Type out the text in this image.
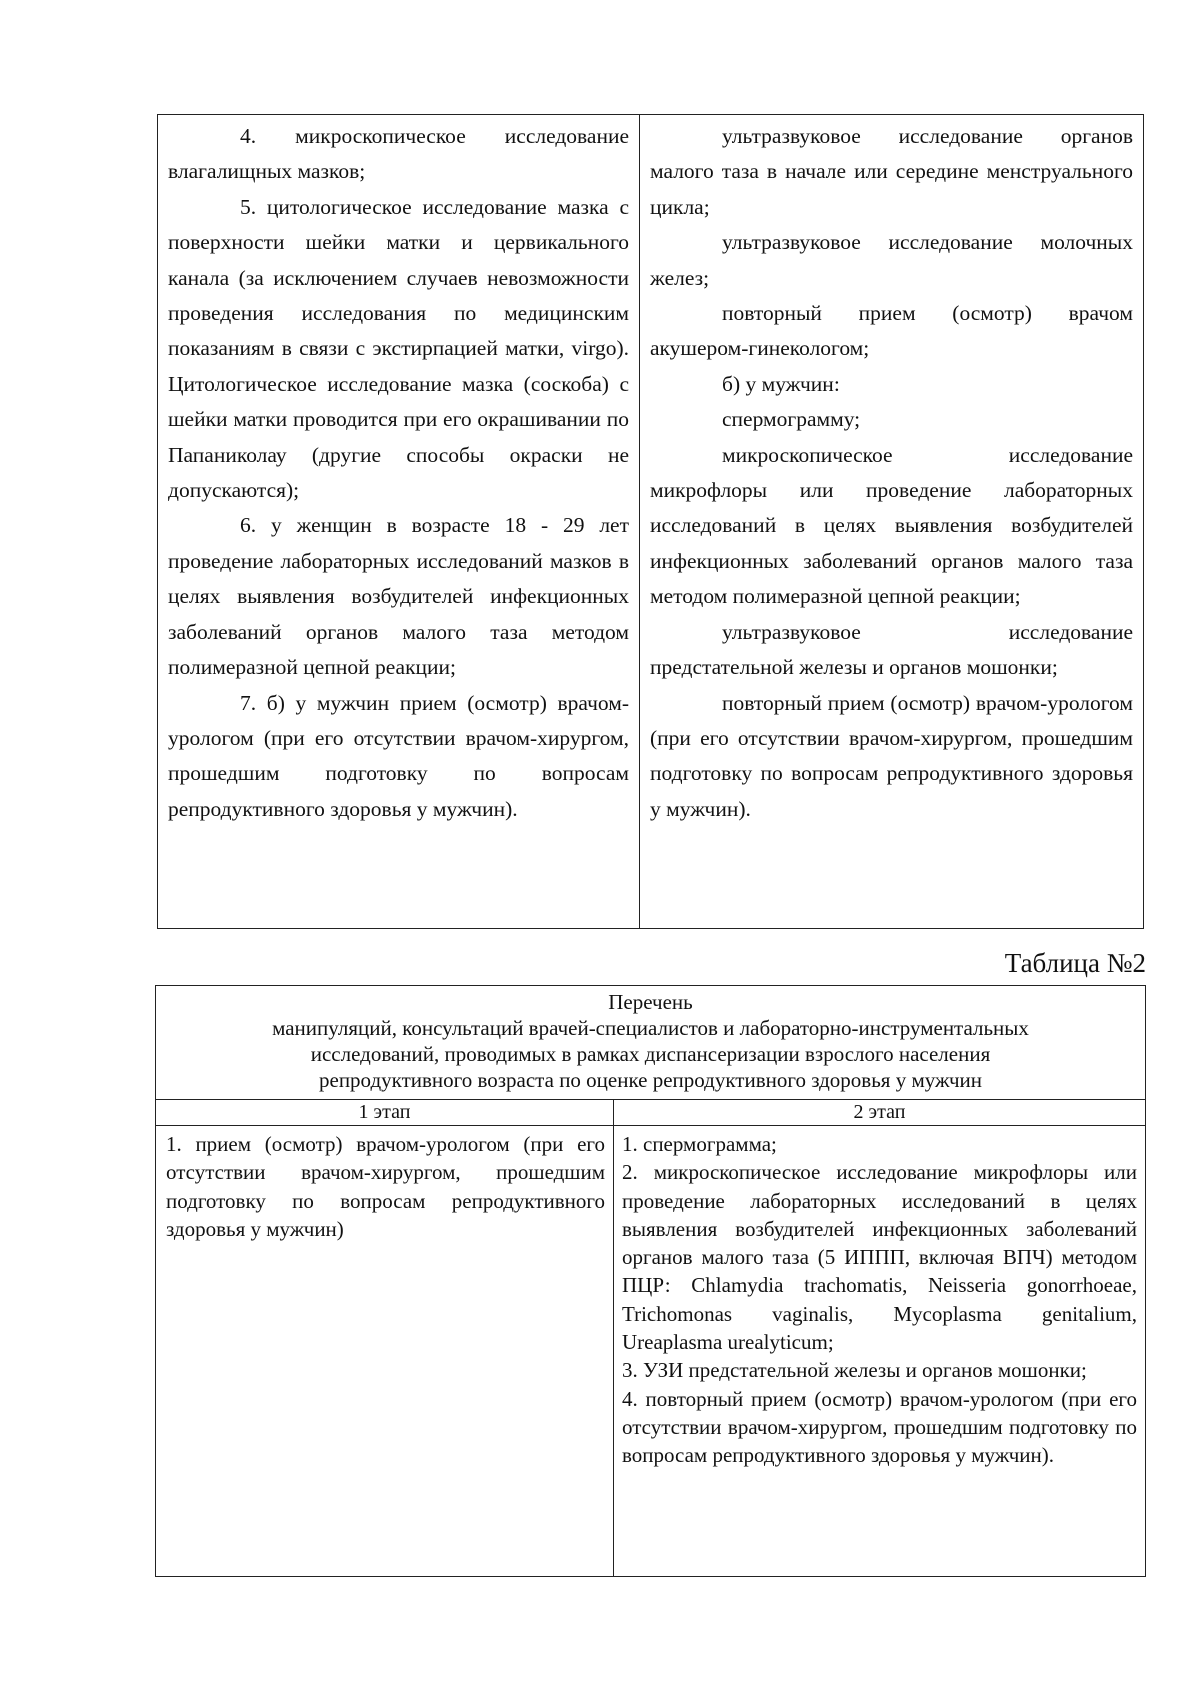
4. микроскопическое исследование влагалищных мазков;

5. цитологическое исследование мазка с поверхности шейки матки и цервикального канала (за исключением случаев невозможности проведения исследования по медицинским показаниям в связи с экстирпацией матки, virgo). Цитологическое исследование мазка (соскоба) с шейки матки проводится при его окрашивании по Папаниколау (другие способы окраски не допускаются);

6. у женщин в возрасте 18 - 29 лет проведение лабораторных исследований мазков в целях выявления возбудителей инфекционных заболеваний органов малого таза методом полимеразной цепной реакции;

7. б) у мужчин прием (осмотр) врачом-урологом (при его отсутствии врачом-хирургом, прошедшим подготовку по вопросам репродуктивного здоровья у мужчин).

ультразвуковое исследование органов малого таза в начале или середине менструального цикла;

ультразвуковое исследование молочных желез;

повторный прием (осмотр) врачом акушером-гинекологом;

б) у мужчин:

спермограмму;

микроскопическое исследование микрофлоры или проведение лабораторных исследований в целях выявления возбудителей инфекционных заболеваний органов малого таза методом полимеразной цепной реакции;

ультразвуковое исследование предстательной железы и органов мошонки;

повторный прием (осмотр) врачом-урологом (при его отсутствии врачом-хирургом, прошедшим подготовку по вопросам репродуктивного здоровья у мужчин).

Таблица №2
Перечень
манипуляций, консультаций врачей-специалистов и лабораторно-инструментальных
исследований, проводимых в рамках диспансеризации взрослого населения
репродуктивного возраста по оценке репродуктивного здоровья у мужчин
1 этап	2 этап

1. прием (осмотр) врачом-урологом (при его отсутствии врачом-хирургом, прошедшим подготовку по вопросам репродуктивного здоровья у мужчин)

1. спермограмма;

2. микроскопическое исследование микрофлоры или проведение лабораторных исследований в целях выявления возбудителей инфекционных заболеваний органов малого таза (5 ИППП, включая ВПЧ) методом ПЦР: Chlamydia trachomatis, Neisseria gonorrhoeae, Trichomonas vaginalis, Mycoplasma genitalium, Ureaplasma urealyticum;

3. УЗИ предстательной железы и органов мошонки;

4. повторный прием (осмотр) врачом-урологом (при его отсутствии врачом-хирургом, прошедшим подготовку по вопросам репродуктивного здоровья у мужчин).
